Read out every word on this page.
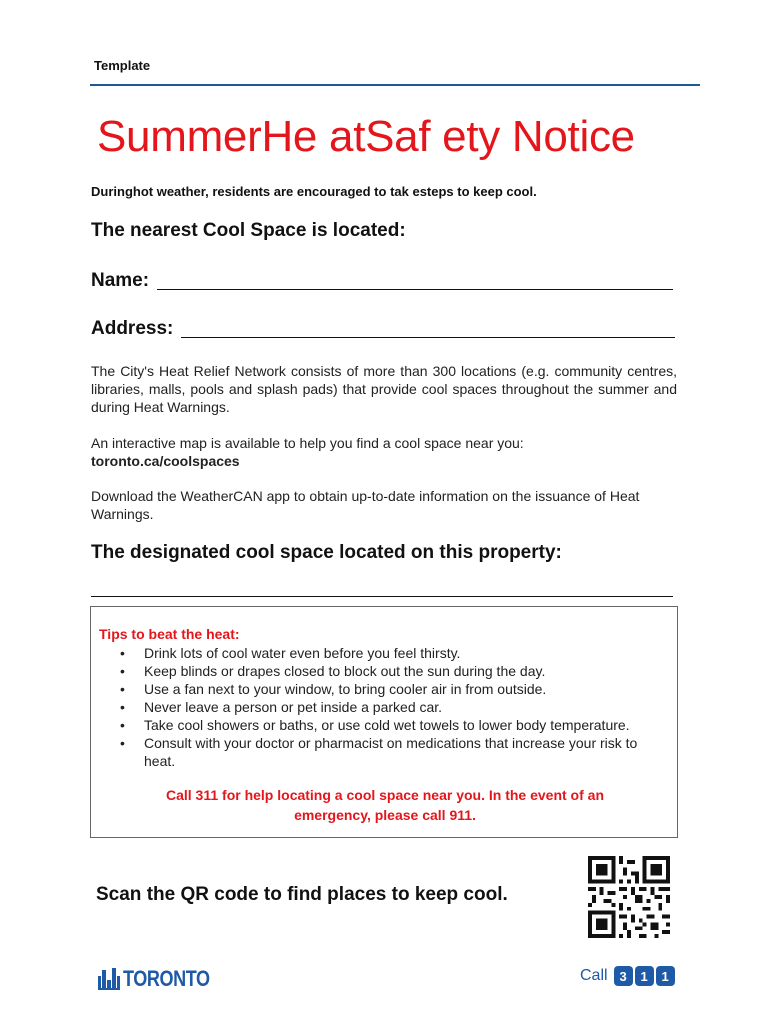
Template
SummerHe atSaf ety Notice
Duringhot weather, residents are encouraged to tak esteps to keep cool.
The nearest Cool Space is located:
Name:
Address:
The City's Heat Relief Network consists of more than 300 locations (e.g. community centres, libraries, malls, pools and splash pads) that provide cool spaces throughout the summer and during Heat Warnings.
An interactive map is available to help you find a cool space near you:
toronto.ca/coolspaces
Download the WeatherCAN app to obtain up-to-date information on the issuance of Heat Warnings.
The designated cool space located on this property:
Tips to beat the heat:
• Drink lots of cool water even before you feel thirsty.
• Keep blinds or drapes closed to block out the sun during the day.
• Use a fan next to your window, to bring cooler air in from outside.
• Never leave a person or pet inside a parked car.
• Take cool showers or baths, or use cold wet towels to lower body temperature.
• Consult with your doctor or pharmacist on medications that increase your risk to heat.
Call 311 for help locating a cool space near you. In the event of an
emergency, please call 911.
Scan the QR code to find places to keep cool.
TORONTO	Call 3	1	1
